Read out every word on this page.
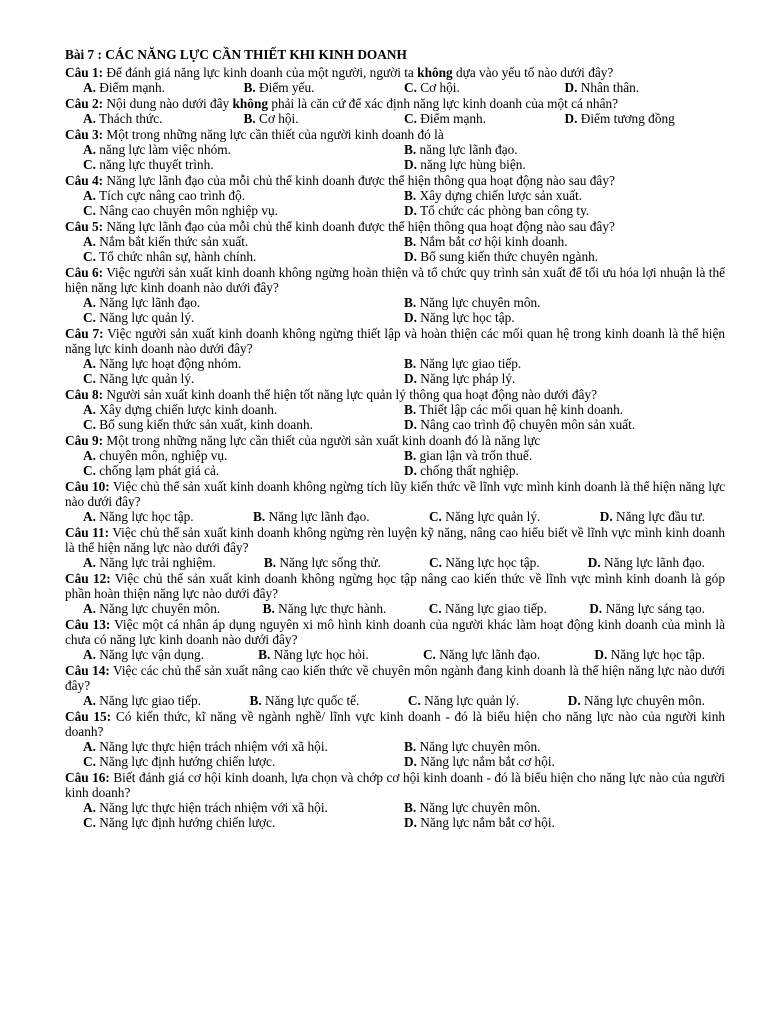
Bài 7 : CÁC NĂNG LỰC CẦN THIẾT KHI KINH DOANH
Câu 1: Để đánh giá năng lực kinh doanh của một người, người ta không dựa vào yếu tố nào dưới đây?
A. Điểm mạnh.	B. Điểm yếu.	C. Cơ hội.	D. Nhân thân.
Câu 2: Nội dung nào dưới đây không phải là căn cứ để xác định năng lực kinh doanh của một cá nhân?
A. Thách thức.	B. Cơ hội.	C. Điểm mạnh.	D. Điểm tương đồng
Câu 3: Một trong những năng lực cần thiết của người kinh doanh đó là
A. năng lực làm việc nhóm.	B. năng lực lãnh đạo.
C. năng lực thuyết trình.	D. năng lực hùng biện.
Câu 4: Năng lực lãnh đạo của mỗi chủ thể kinh doanh được thể hiện thông qua hoạt động nào sau đây?
A. Tích cực nâng cao trình độ.	B. Xây dựng chiến lược sản xuất.
C. Nâng cao chuyên môn nghiệp vụ.	D. Tổ chức các phòng ban công ty.
Câu 5: Năng lực lãnh đạo của mỗi chủ thể kinh doanh được thể hiện thông qua hoạt động nào sau đây?
A. Nắm bắt kiến thức sản xuất.	B. Nắm bắt cơ hội kinh doanh.
C. Tổ chức nhân sự, hành chính.	D. Bổ sung kiến thức chuyên ngành.
Câu 6: Việc người sản xuất kinh doanh không ngừng hoàn thiện và tổ chức quy trình sản xuất để tối ưu hóa lợi nhuận là thể hiện năng lực kinh doanh nào dưới đây?
A. Năng lực lãnh đạo.	B. Năng lực chuyên môn.
C. Năng lực quản lý.	D. Năng lực học tập.
Câu 7: Việc người sản xuất kinh doanh không ngừng thiết lập và hoàn thiện các mối quan hệ trong kinh doanh là thể hiện năng lực kinh doanh nào dưới đây?
A. Năng lực hoạt động nhóm.	B. Năng lực giao tiếp.
C. Năng lực quản lý.	D. Năng lực pháp lý.
Câu 8: Người sản xuất kinh doanh thể hiện tốt năng lực quản lý thông qua hoạt động nào dưới đây?
A. Xây dựng chiến lược kinh doanh.	B. Thiết lập các mối quan hệ kinh doanh.
C. Bổ sung kiến thức sản xuất, kinh doanh.	D. Nâng cao trình độ chuyên môn sản xuất.
Câu 9: Một trong những năng lực cần thiết của người sản xuất kinh doanh đó là năng lực
A. chuyên môn, nghiệp vụ.	B. gian lận và trốn thuế.
C. chống lạm phát giá cả.	D. chống thất nghiệp.
Câu 10: Việc chủ thể sản xuất kinh doanh không ngừng tích lũy kiến thức về lĩnh vực mình kinh doanh là thể hiện năng lực nào dưới đây?
A. Năng lực học tập.	B. Năng lực lãnh đạo.	C. Năng lực quản lý.	D. Năng lực đầu tư.
Câu 11: Việc chủ thể sản xuất kinh doanh không ngừng rèn luyện kỹ năng, nâng cao hiểu biết về lĩnh vực mình kinh doanh là thể hiện năng lực nào dưới đây?
A. Năng lực trải nghiệm.	B. Năng lực sống thử.	C. Năng lực học tập.	D. Năng lực lãnh đạo.
Câu 12: Việc chủ thể sản xuất kinh doanh không ngừng học tập nâng cao kiến thức về lĩnh vực mình kinh doanh là góp phần hoàn thiện năng lực nào dưới đây?
A. Năng lực chuyên môn.	B. Năng lực thực hành.	C. Năng lực giao tiếp.	D. Năng lực sáng tạo.
Câu 13: Việc một cá nhân áp dụng nguyên xi mô hình kinh doanh của người khác làm hoạt động kinh doanh của mình là chưa có năng lực kinh doanh nào dưới đây?
A. Năng lực vận dụng.	B. Năng lực học hỏi.	C. Năng lực lãnh đạo.	D. Năng lực học tập.
Câu 14: Việc các chủ thể sản xuất nâng cao kiến thức về chuyên môn ngành đang kinh doanh là thể hiện năng lực nào dưới đây?
A. Năng lực giao tiếp.	B. Năng lực quốc tế.	C. Năng lực quản lý.	D. Năng lực chuyên môn.
Câu 15: Có kiến thức, kĩ năng về ngành nghề/ lĩnh vực kinh doanh - đó là biểu hiện cho năng lực nào của người kinh doanh?
A. Năng lực thực hiện trách nhiệm với xã hội.	B. Năng lực chuyên môn.
C. Năng lực định hướng chiến lược.	D. Năng lực nắm bắt cơ hội.
Câu 16: Biết đánh giá cơ hội kinh doanh, lựa chọn và chớp cơ hội kinh doanh - đó là biểu hiện cho năng lực nào của người kinh doanh?
A. Năng lực thực hiện trách nhiệm với xã hội.	B. Năng lực chuyên môn.
C. Năng lực định hướng chiến lược.	D. Năng lực nắm bắt cơ hội.
